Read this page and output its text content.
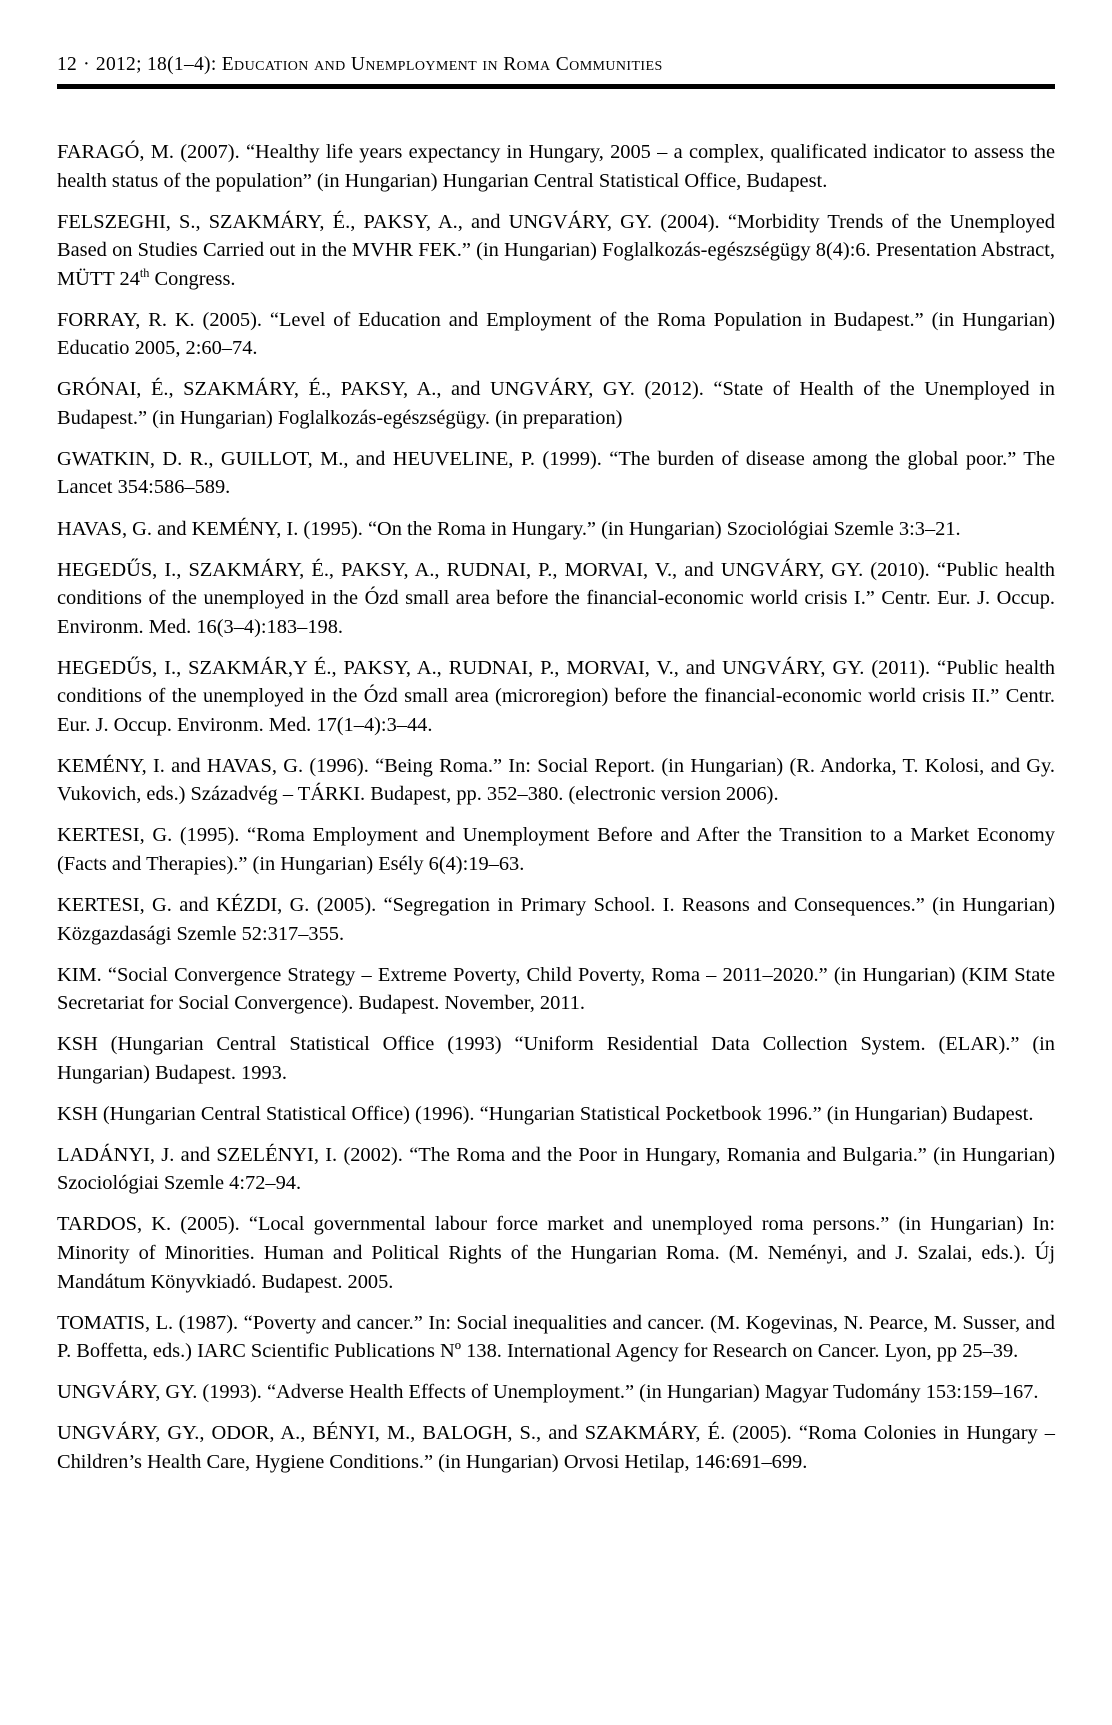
12 · 2012; 18(1–4): Education and Unemployment in Roma Communities

FARAGÓ, M. (2007). “Healthy life years expectancy in Hungary, 2005 – a complex, qualificated indicator to assess the health status of the population” (in Hungarian) Hungarian Central Statistical Office, Budapest.

FELSZEGHI, S., SZAKMÁRY, É., PAKSY, A., and UNGVÁRY, GY. (2004). “Morbidity Trends of the Unemployed Based on Studies Carried out in the MVHR FEK.” (in Hungarian) Foglalkozás-egészségügy 8(4):6. Presentation Abstract, MÜTT 24th Congress.

FORRAY, R. K. (2005). “Level of Education and Employment of the Roma Population in Budapest.” (in Hungarian) Educatio 2005, 2:60–74.

GRÓNAI, É., SZAKMÁRY, É., PAKSY, A., and UNGVÁRY, GY. (2012). “State of Health of the Unemployed in Budapest.” (in Hungarian) Foglalkozás-egészségügy. (in preparation)

GWATKIN, D. R., GUILLOT, M., and HEUVELINE, P. (1999). “The burden of disease among the global poor.” The Lancet 354:586–589.

HAVAS, G. and KEMÉNY, I. (1995). “On the Roma in Hungary.” (in Hungarian) Szociológiai Szemle 3:3–21.

HEGEDŰS, I., SZAKMÁRY, É., PAKSY, A., RUDNAI, P., MORVAI, V., and UNGVÁRY, GY. (2010). “Public health conditions of the unemployed in the Ózd small area before the financial-economic world crisis I.” Centr. Eur. J. Occup. Environm. Med. 16(3–4):183–198.

HEGEDŰS, I., SZAKMÁR,Y É., PAKSY, A., RUDNAI, P., MORVAI, V., and UNGVÁRY, GY. (2011). “Public health conditions of the unemployed in the Ózd small area (microregion) before the financial-economic world crisis II.” Centr. Eur. J. Occup. Environm. Med. 17(1–4):3–44.

KEMÉNY, I. and HAVAS, G. (1996). “Being Roma.” In: Social Report. (in Hungarian) (R. Andorka, T. Kolosi, and Gy. Vukovich, eds.) Századvég – TÁRKI. Budapest, pp. 352–380. (electronic version 2006).

KERTESI, G. (1995). “Roma Employment and Unemployment Before and After the Transition to a Market Economy (Facts and Therapies).” (in Hungarian) Esély 6(4):19–63.

KERTESI, G. and KÉZDI, G. (2005). “Segregation in Primary School. I. Reasons and Consequences.” (in Hungarian) Közgazdasági Szemle 52:317–355.

KIM. “Social Convergence Strategy – Extreme Poverty, Child Poverty, Roma – 2011–2020.” (in Hungarian) (KIM State Secretariat for Social Convergence). Budapest. November, 2011.

KSH (Hungarian Central Statistical Office (1993) “Uniform Residential Data Collection System. (ELAR).” (in Hungarian) Budapest. 1993.

KSH (Hungarian Central Statistical Office) (1996). “Hungarian Statistical Pocketbook 1996.” (in Hungarian) Budapest.

LADÁNYI, J. and SZELÉNYI, I. (2002). “The Roma and the Poor in Hungary, Romania and Bulgaria.” (in Hungarian) Szociológiai Szemle 4:72–94.

TARDOS, K. (2005). “Local governmental labour force market and unemployed roma persons.” (in Hungarian) In: Minority of Minorities. Human and Political Rights of the Hungarian Roma. (M. Neményi, and J. Szalai, eds.). Új Mandátum Könyvkiadó. Budapest. 2005.

TOMATIS, L. (1987). “Poverty and cancer.” In: Social inequalities and cancer. (M. Kogevinas, N. Pearce, M. Susser, and P. Boffetta, eds.) IARC Scientific Publications Nº 138. International Agency for Research on Cancer. Lyon, pp 25–39.

UNGVÁRY, GY. (1993). “Adverse Health Effects of Unemployment.” (in Hungarian) Magyar Tudomány 153:159–167.

UNGVÁRY, GY., ODOR, A., BÉNYI, M., BALOGH, S., and SZAKMÁRY, É. (2005). “Roma Colonies in Hungary – Children’s Health Care, Hygiene Conditions.” (in Hungarian) Orvosi Hetilap, 146:691–699.
